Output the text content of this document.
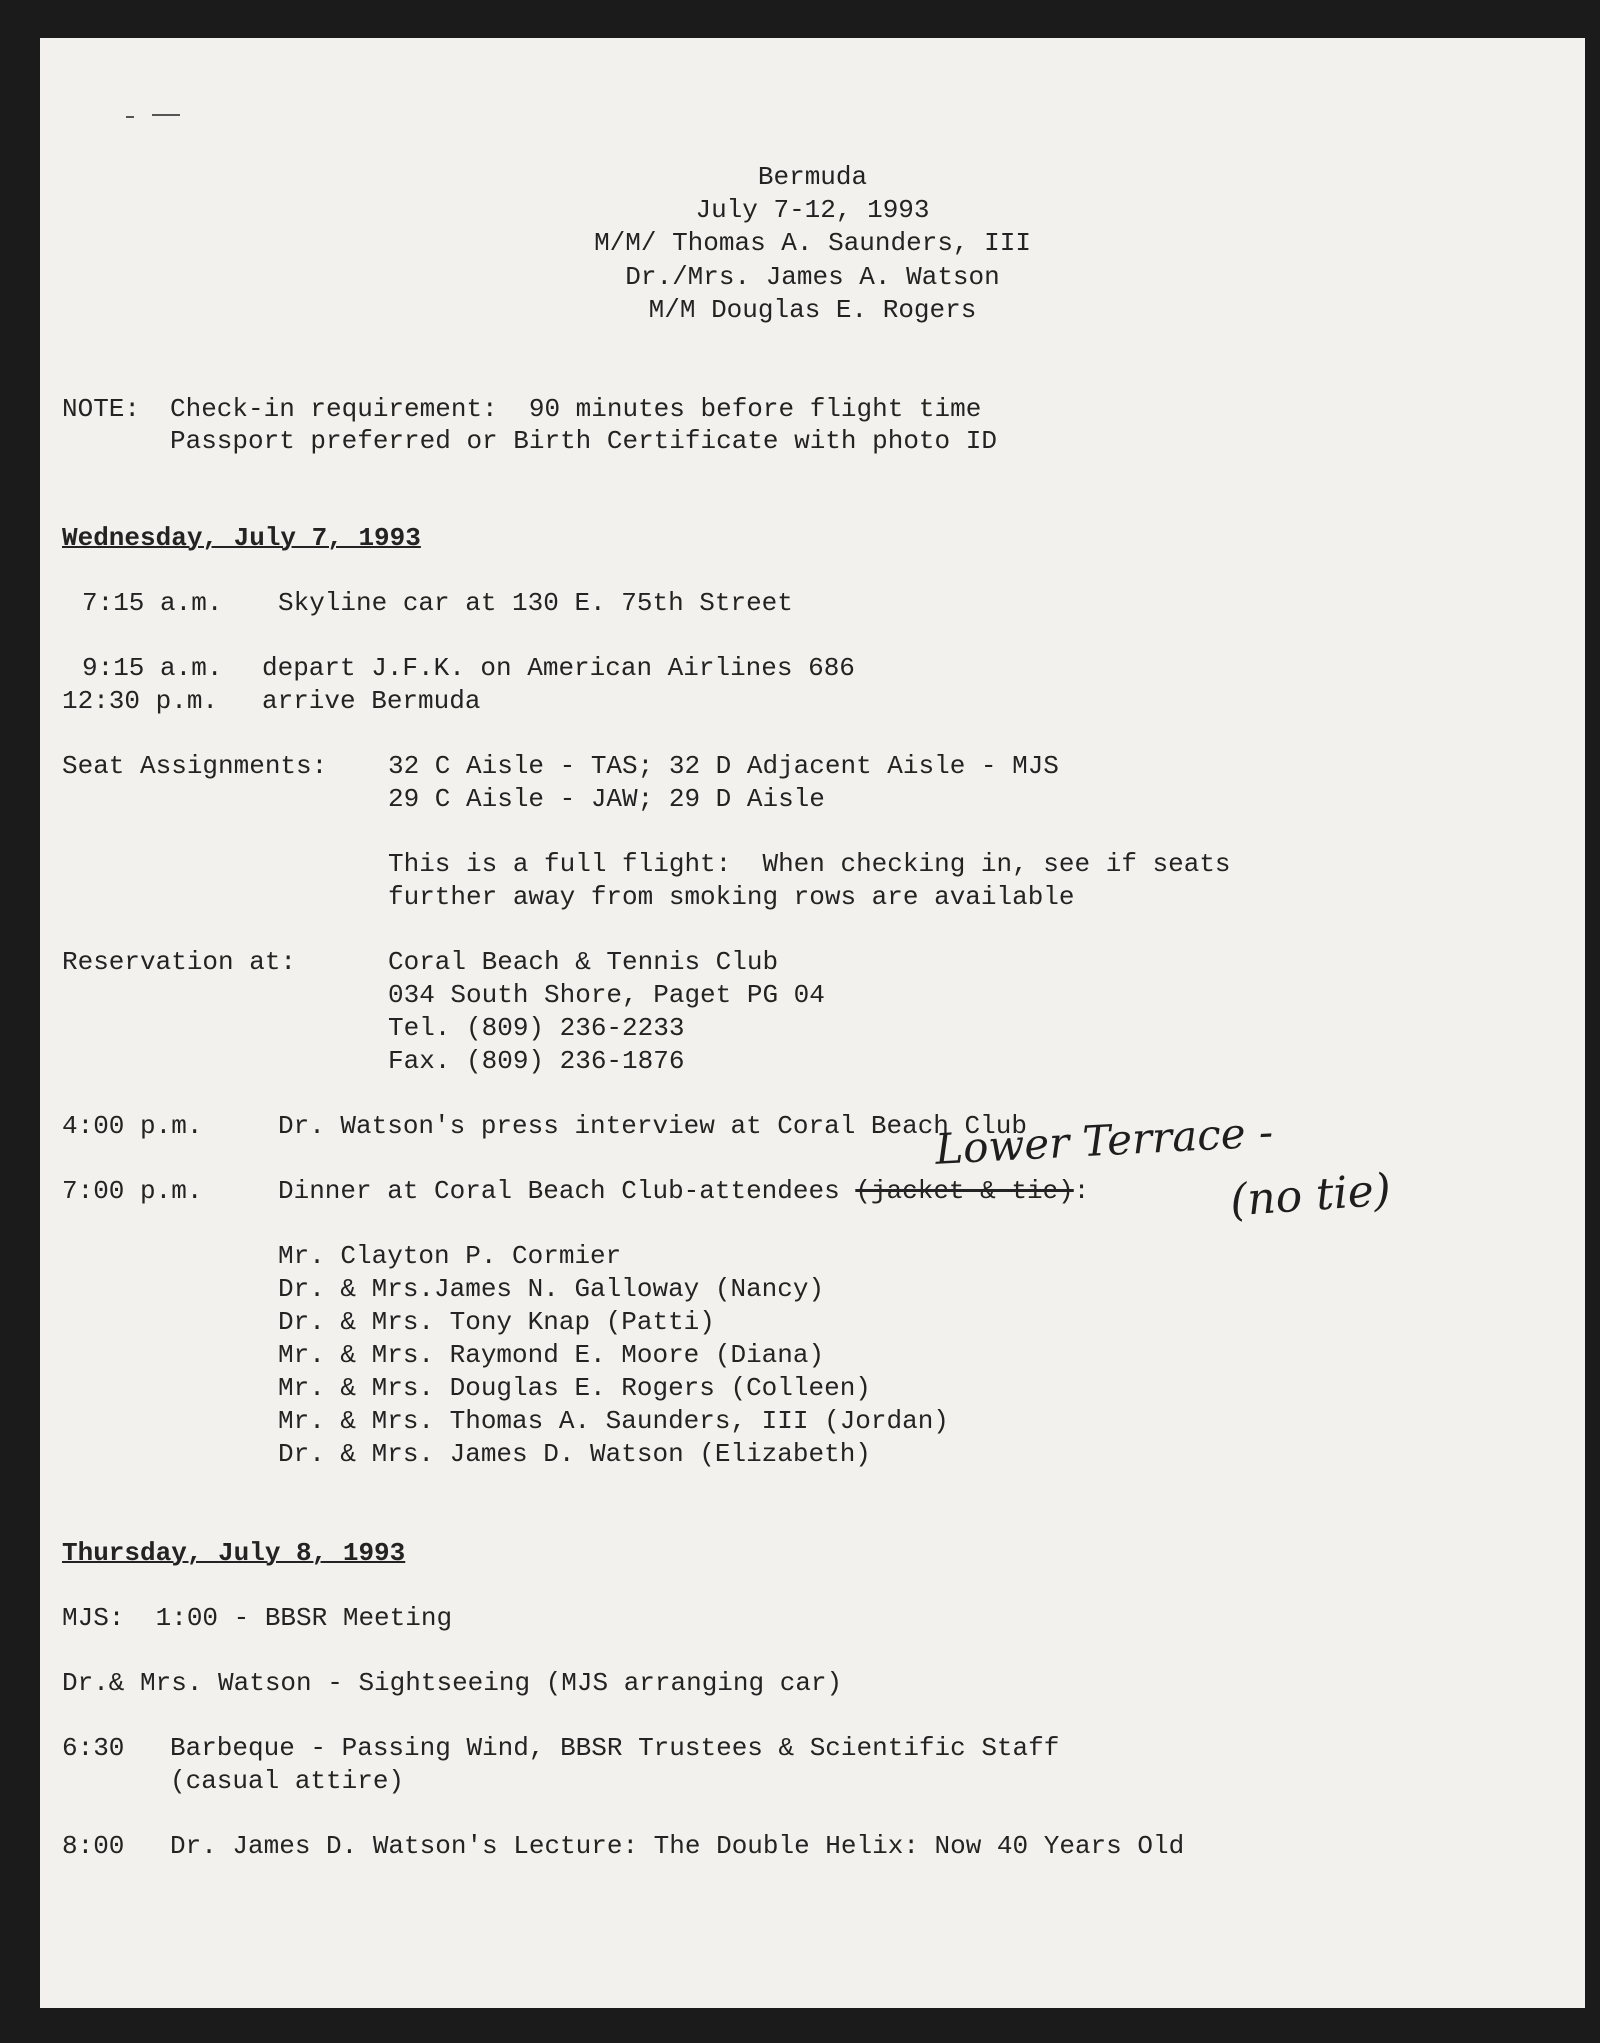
Bermuda
July 7-12, 1993
M/M/ Thomas A. Saunders, III
Dr./Mrs. James A. Watson
M/M Douglas E. Rogers
NOTE: Check-in requirement:  90 minutes before flight time
Passport preferred or Birth Certificate with photo ID
Wednesday, July 7, 1993
7:15 a.m. Skyline car at 130 E. 75th Street
9:15 a.m. depart J.F.K. on American Airlines 686
12:30 p.m. arrive Bermuda
Seat Assignments: 32 C Aisle - TAS; 32 D Adjacent Aisle - MJS
29 C Aisle - JAW; 29 D Aisle
This is a full flight:  When checking in, see if seats
further away from smoking rows are available
Reservation at:	Coral Beach & Tennis Club
034 South Shore, Paget PG 04
Tel. (809) 236-2233
Fax. (809) 236-1876
4:00 p.m.	Dr. Watson's press interview at Coral Beach Club
7:00 p.m.	Dinner at Coral Beach Club-attendees (jacket & tie):
Lower Terrace -
(no tie)
Mr. Clayton P. Cormier
Dr. & Mrs.James N. Galloway (Nancy)
Dr. & Mrs. Tony Knap (Patti)
Mr. & Mrs. Raymond E. Moore (Diana)
Mr. & Mrs. Douglas E. Rogers (Colleen)
Mr. & Mrs. Thomas A. Saunders, III (Jordan)
Dr. & Mrs. James D. Watson (Elizabeth)
Thursday, July 8, 1993
MJS:  1:00 - BBSR Meeting
Dr.& Mrs. Watson - Sightseeing (MJS arranging car)
6:30 Barbeque - Passing Wind, BBSR Trustees & Scientific Staff
(casual attire)
8:00 Dr. James D. Watson's Lecture: The Double Helix: Now 40 Years Old
